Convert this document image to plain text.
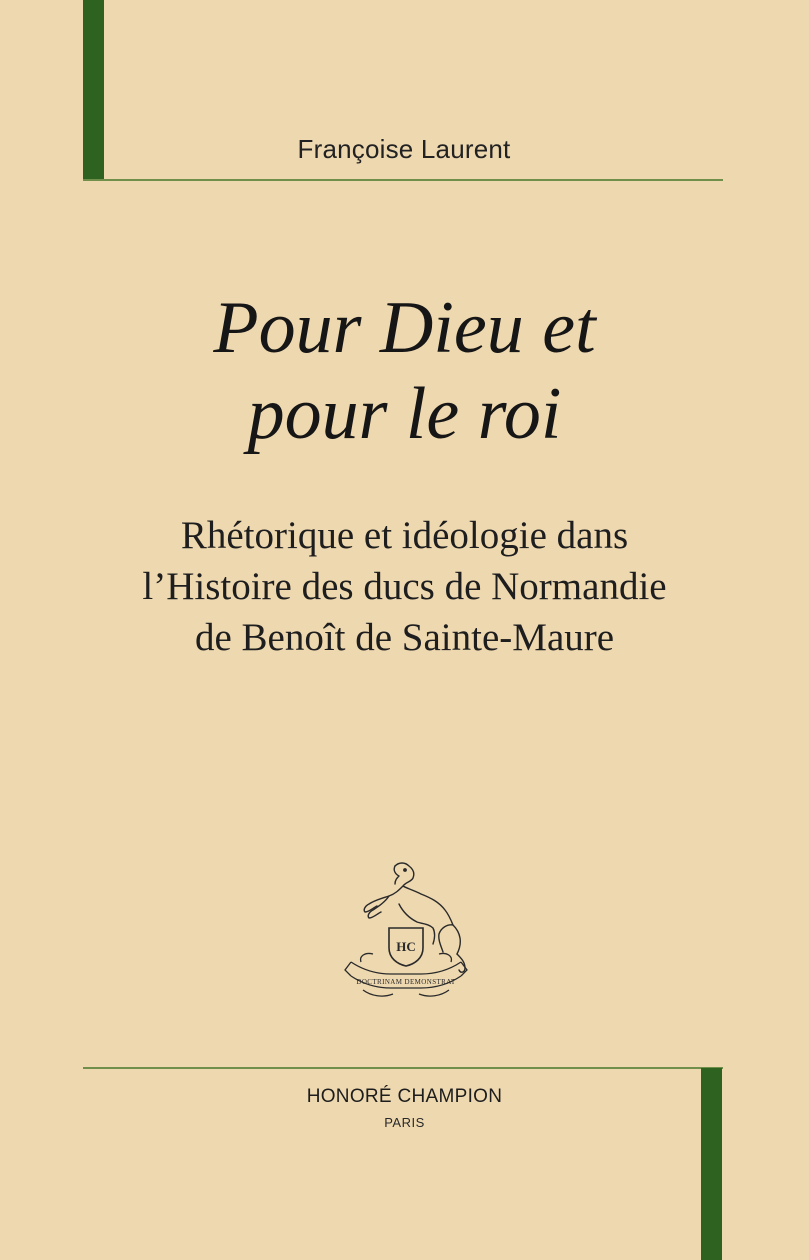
Françoise Laurent
Pour Dieu et
pour le roi
Rhétorique et idéologie dans
l’Histoire des ducs de Normandie
de Benoît de Sainte-Maure
HC
DOCTRINAM DEMONSTRAT
HONORÉ CHAMPION
PARIS
